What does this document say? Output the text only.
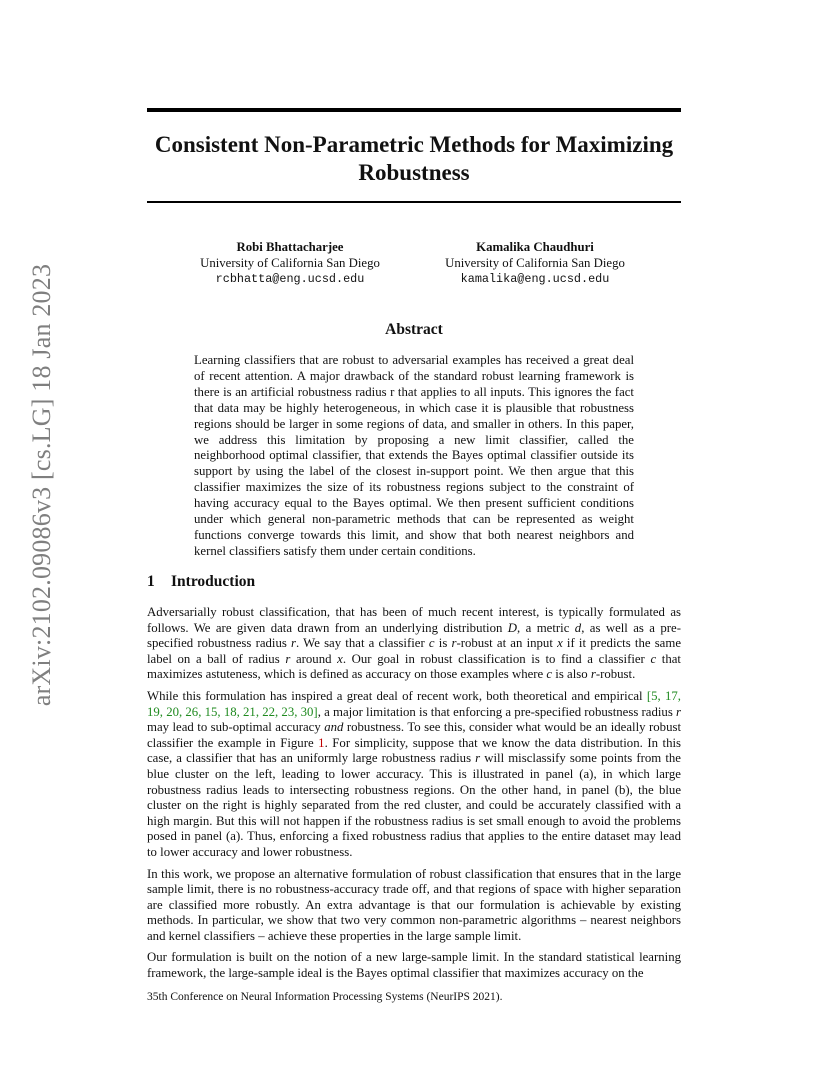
Consistent Non-Parametric Methods for Maximizing Robustness
Robi Bhattacharjee
University of California San Diego
rcbhatta@eng.ucsd.edu
Kamalika Chaudhuri
University of California San Diego
kamalika@eng.ucsd.edu
arXiv:2102.09086v3 [cs.LG] 18 Jan 2023	Abstract

Learning classifiers that are robust to adversarial examples has received a great deal of recent attention. A major drawback of the standard robust learning framework is there is an artificial robustness radius r that applies to all inputs. This ignores the fact that data may be highly heterogeneous, in which case it is plausible that robustness regions should be larger in some regions of data, and smaller in others. In this paper, we address this limitation by proposing a new limit classifier, called the neighborhood optimal classifier, that extends the Bayes optimal classifier outside its support by using the label of the closest in-support point. We then argue that this classifier maximizes the size of its robustness regions subject to the constraint of having accuracy equal to the Bayes optimal. We then present sufficient conditions under which general non-parametric methods that can be represented as weight functions converge towards this limit, and show that both nearest neighbors and kernel classifiers satisfy them under certain conditions.

1 Introduction

Adversarially robust classification, that has been of much recent interest, is typically formulated as follows. We are given data drawn from an underlying distribution D, a metric d, as well as a pre-specified robustness radius r. We say that a classifier c is r-robust at an input x if it predicts the same label on a ball of radius r around x. Our goal in robust classification is to find a classifier c that maximizes astuteness, which is defined as accuracy on those examples where c is also r-robust.

While this formulation has inspired a great deal of recent work, both theoretical and empirical [5, 17, 19, 20, 26, 15, 18, 21, 22, 23, 30], a major limitation is that enforcing a pre-specified robustness radius r may lead to sub-optimal accuracy and robustness. To see this, consider what would be an ideally robust classifier the example in Figure 1. For simplicity, suppose that we know the data distribution. In this case, a classifier that has an uniformly large robustness radius r will misclassify some points from the blue cluster on the left, leading to lower accuracy. This is illustrated in panel (a), in which large robustness radius leads to intersecting robustness regions. On the other hand, in panel (b), the blue cluster on the right is highly separated from the red cluster, and could be accurately classified with a high margin. But this will not happen if the robustness radius is set small enough to avoid the problems posed in panel (a). Thus, enforcing a fixed robustness radius that applies to the entire dataset may lead to lower accuracy and lower robustness.

In this work, we propose an alternative formulation of robust classification that ensures that in the large sample limit, there is no robustness-accuracy trade off, and that regions of space with higher separation are classified more robustly. An extra advantage is that our formulation is achievable by existing methods. In particular, we show that two very common non-parametric algorithms – nearest neighbors and kernel classifiers – achieve these properties in the large sample limit.

Our formulation is built on the notion of a new large-sample limit. In the standard statistical learning framework, the large-sample ideal is the Bayes optimal classifier that maximizes accuracy on the

35th Conference on Neural Information Processing Systems (NeurIPS 2021).
